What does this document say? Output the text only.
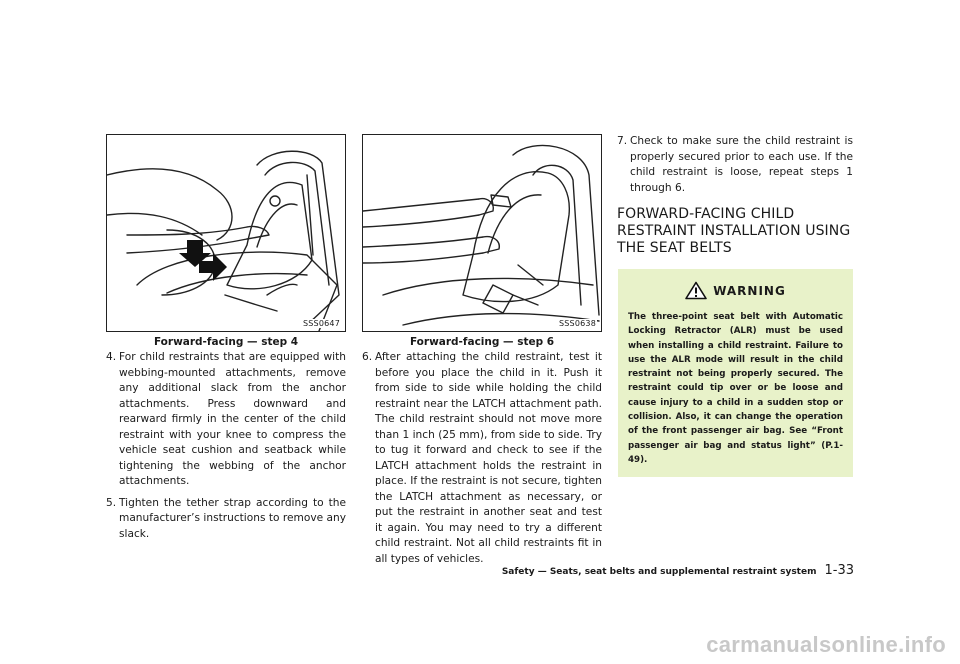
SSS0647
Forward-facing — step 4
4. For child restraints that are equipped with webbing-mounted attachments, remove any additional slack from the anchor attachments. Press downward and rearward firmly in the center of the child restraint with your knee to compress the vehicle seat cushion and seatback while tightening the webbing of the anchor attachments.
5. Tighten the tether strap according to the manufacturer’s instructions to remove any slack.
SSS0638
Forward-facing — step 6
6. After attaching the child restraint, test it before you place the child in it. Push it from side to side while holding the child restraint near the LATCH attachment path. The child restraint should not move more than 1 inch (25 mm), from side to side. Try to tug it forward and check to see if the LATCH attachment holds the restraint in place. If the restraint is not secure, tighten the LATCH attachment as necessary, or put the restraint in another seat and test it again. You may need to try a different child restraint. Not all child restraints fit in all types of vehicles.
7. Check to make sure the child restraint is properly secured prior to each use. If the child restraint is loose, repeat steps 1 through 6.
FORWARD-FACING CHILD RESTRAINT INSTALLATION USING THE SEAT BELTS
WARNING
The three-point seat belt with Automatic Locking Retractor (ALR) must be used when installing a child restraint. Failure to use the ALR mode will result in the child restraint not being properly secured. The restraint could tip over or be loose and cause injury to a child in a sudden stop or collision. Also, it can change the operation of the front passenger air bag. See “Front passenger air bag and status light” (P.1-49).
Safety — Seats, seat belts and supplemental restraint system 1-33
carmanualsonline.info
